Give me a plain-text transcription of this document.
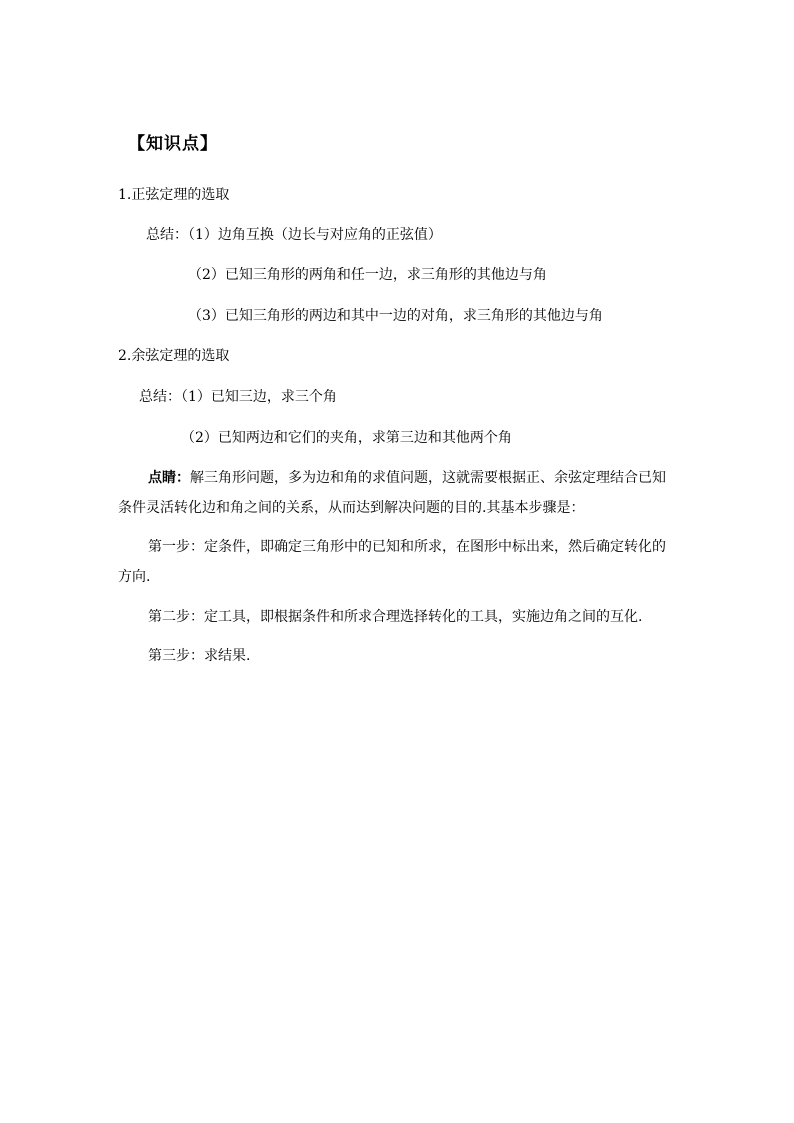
【知识点】
1.正弦定理的选取
总结：（1）边角互换（边长与对应角的正弦值）
（2）已知三角形的两角和任一边，求三角形的其他边与角
（3）已知三角形的两边和其中一边的对角，求三角形的其他边与角
2.余弦定理的选取
总结：（1）已知三边，求三个角
（2）已知两边和它们的夹角，求第三边和其他两个角
点睛：解三角形问题，多为边和角的求值问题，这就需要根据正、余弦定理结合已知条件灵活转化边和角之间的关系，从而达到解决问题的目的.其基本步骤是：
第一步：定条件，即确定三角形中的已知和所求，在图形中标出来，然后确定转化的方向.
第二步：定工具，即根据条件和所求合理选择转化的工具，实施边角之间的互化.
第三步：求结果.
